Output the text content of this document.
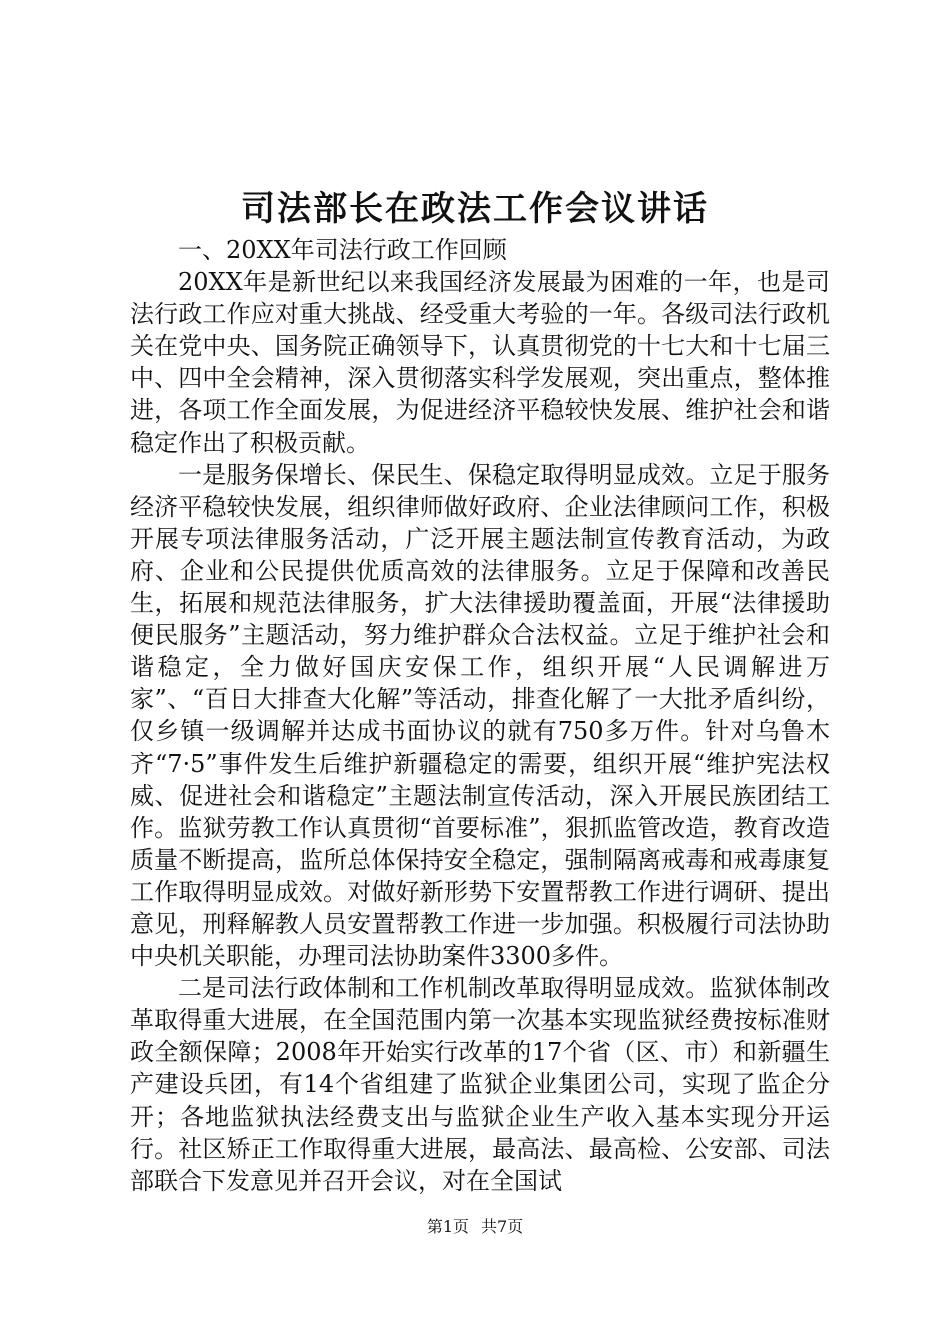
司法部长在政法工作会议讲话

一、20XX年司法行政工作回顾

20XX年是新世纪以来我国经济发展最为困难的一年，也是司法行政工作应对重大挑战、经受重大考验的一年。各级司法行政机关在党中央、国务院正确领导下，认真贯彻党的十七大和十七届三中、四中全会精神，深入贯彻落实科学发展观，突出重点，整体推进，各项工作全面发展，为促进经济平稳较快发展、维护社会和谐稳定作出了积极贡献。

一是服务保增长、保民生、保稳定取得明显成效。立足于服务经济平稳较快发展，组织律师做好政府、企业法律顾问工作，积极开展专项法律服务活动，广泛开展主题法制宣传教育活动，为政府、企业和公民提供优质高效的法律服务。立足于保障和改善民生，拓展和规范法律服务，扩大法律援助覆盖面，开展“法律援助便民服务”主题活动，努力维护群众合法权益。立足于维护社会和谐稳定，全力做好国庆安保工作，组织开展“人民调解进万家”、“百日大排查大化解”等活动，排查化解了一大批矛盾纠纷，仅乡镇一级调解并达成书面协议的就有750多万件。针对乌鲁木齐“7·5”事件发生后维护新疆稳定的需要，组织开展“维护宪法权威、促进社会和谐稳定”主题法制宣传活动，深入开展民族团结工作。监狱劳教工作认真贯彻“首要标准”，狠抓监管改造，教育改造质量不断提高，监所总体保持安全稳定，强制隔离戒毒和戒毒康复工作取得明显成效。对做好新形势下安置帮教工作进行调研、提出意见，刑释解教人员安置帮教工作进一步加强。积极履行司法协助中央机关职能，办理司法协助案件3300多件。

二是司法行政体制和工作机制改革取得明显成效。监狱体制改革取得重大进展，在全国范围内第一次基本实现监狱经费按标准财政全额保障；2008年开始实行改革的17个省（区、市）和新疆生产建设兵团，有14个省组建了监狱企业集团公司，实现了监企分开；各地监狱执法经费支出与监狱企业生产收入基本实现分开运行。社区矫正工作取得重大进展，最高法、最高检、公安部、司法部联合下发意见并召开会议，对在全国试

第1页 共7页
